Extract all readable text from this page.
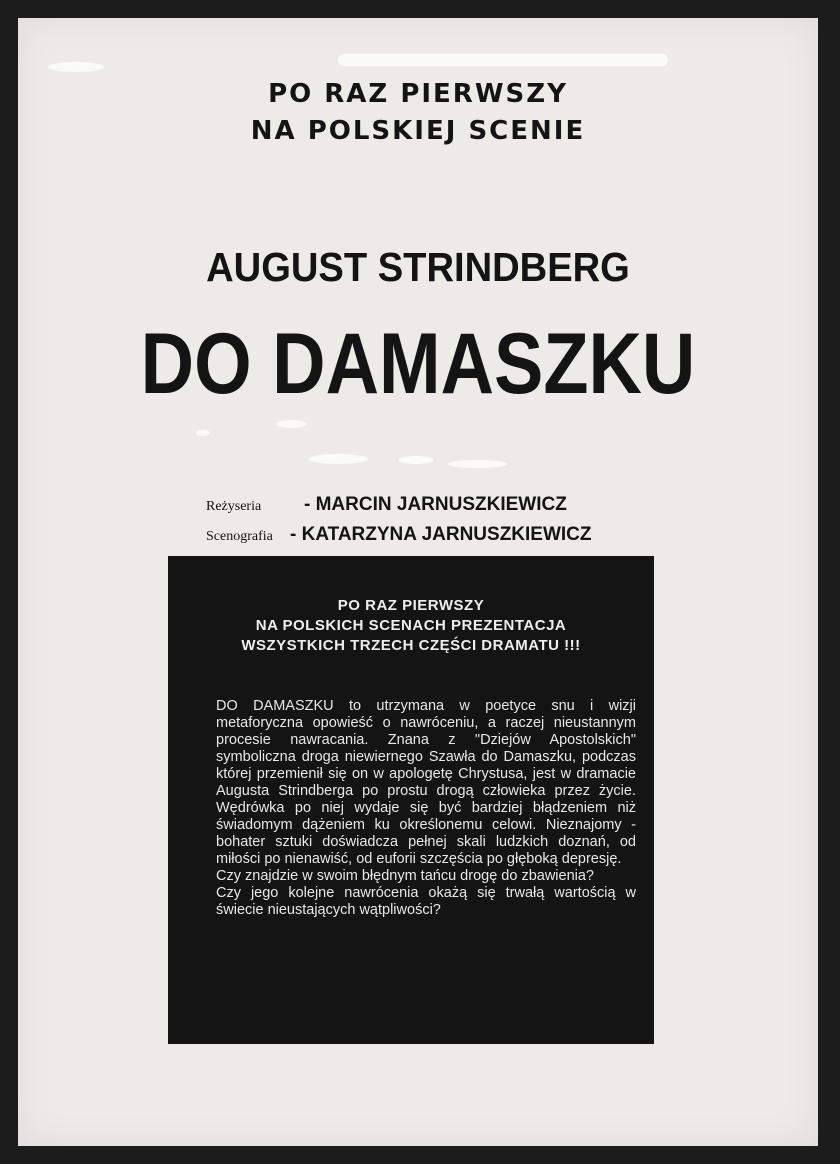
PO RAZ PIERWSZY
NA POLSKIEJ SCENIE
AUGUST STRINDBERG
DO DAMASZKU
Reżyseria - MARCIN JARNUSZKIEWICZ
Scenografia - KATARZYNA JARNUSZKIEWICZ
PO RAZ PIERWSZY
NA POLSKICH SCENACH PREZENTACJA
WSZYSTKICH TRZECH CZĘŚCI DRAMATU !!!

DO DAMASZKU to utrzymana w poetyce snu i wizji metaforyczna opowieść o nawróceniu, a raczej nieustannym procesie nawracania. Znana z "Dziejów Apostolskich" symboliczna droga niewiernego Szawła do Damaszku, podczas której przemienił się on w apologetę Chrystusa, jest w dramacie Augusta Strindberga po prostu drogą człowieka przez życie. Wędrówka po niej wydaje się być bardziej błądzeniem niż świadomym dążeniem ku określonemu celowi. Nieznajomy - bohater sztuki doświadcza pełnej skali ludzkich doznań, od miłości po nienawiść, od euforii szczęścia po głęboką depresję.

Czy znajdzie w swoim błędnym tańcu drogę do zbawienia?

Czy jego kolejne nawrócenia okażą się trwałą wartością w świecie nieustających wątpliwości?
